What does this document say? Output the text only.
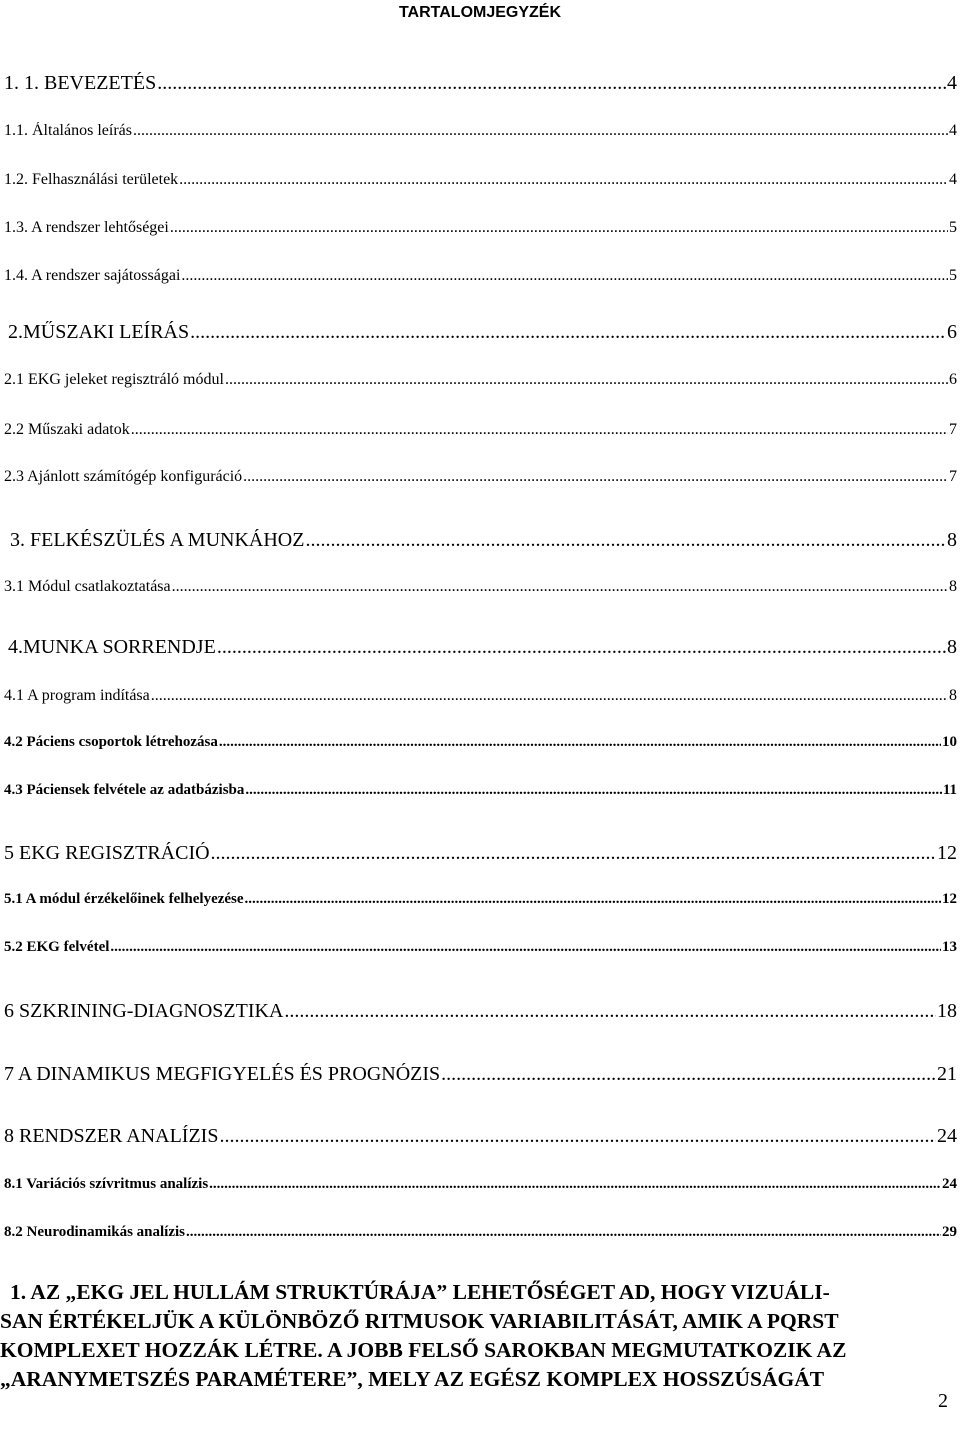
TARTALOMJEGYZÉK
1. 1. BEVEZETÉS .....	4
1.1. Általános leírás .....	4
1.2. Felhasználási területek .....	4
1.3. A rendszer lehtőségei .....	5
1.4. A rendszer sajátosságai .....	5
2.MŰSZAKI LEÍRÁS .....	6
2.1 EKG jeleket regisztráló módul .....	6
2.2 Műszaki adatok .....	7
2.3 Ajánlott számítógép konfiguráció .....	7
3. FELKÉSZÜLÉS A MUNKÁHOZ .....	8
3.1 Módul csatlakoztatása .....	8
4.MUNKA SORRENDJE .....	8
4.1 A program indítása .....	8
4.2 Páciens csoportok létrehozása .....	10
4.3 Páciensek felvétele az adatbázisba .....	11
5 EKG REGISZTRÁCIÓ .....	12
5.1 A módul érzékelőinek felhelyezése .....	12
5.2 EKG felvétel .....	13
6 SZKRINING-DIAGNOSZTIKA .....	18
7 A DINAMIKUS MEGFIGYELÉS ÉS PROGNÓZIS .....	21
8 RENDSZER ANALÍZIS .....	24
8.1 Variációs szívritmus analízis .....	24
8.2 Neurodinamikás analízis .....	29
1. AZ „EKG JEL HULLÁM STRUKTÚRÁJA” LEHETŐSÉGET AD, HOGY VIZUÁLI-
SAN ÉRTÉKELJÜK A KÜLÖNBÖZŐ RITMUSOK VARIABILITÁSÁT, AMIK A PQRST
KOMPLEXET HOZZÁK LÉTRE. A JOBB FELSŐ SAROKBAN MEGMUTATKOZIK AZ
„ARANYMETSZÉS PARAMÉTERE”, MELY AZ EGÉSZ KOMPLEX HOSSZÚSÁGÁT
2
